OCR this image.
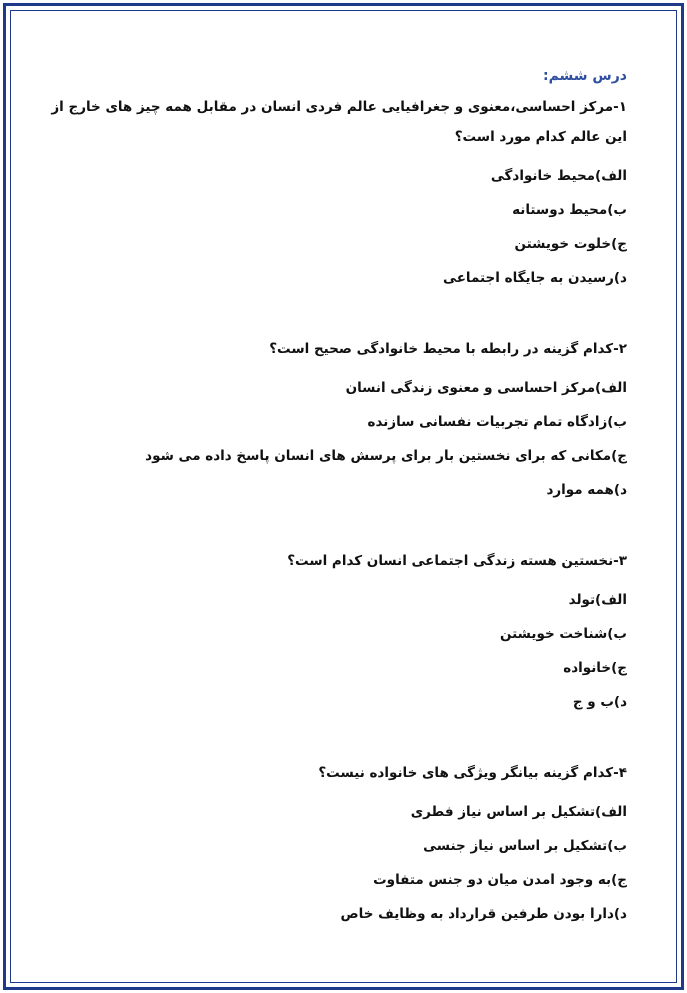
درس ششم:

۱-مرکز احساسی،معنوی و جغرافیایی عالم فردی انسان در مقابل همه چیز های خارج از این عالم کدام مورد است؟

الف)محیط خانوادگی

ب)محیط دوستانه

ج)خلوت خویشتن

د)رسیدن به جایگاه اجتماعی

۲-کدام گزینه در رابطه با محیط خانوادگی صحیح است؟

الف)مرکز احساسی و معنوی زندگی انسان

ب)زادگاه تمام تجربیات نفسانی سازنده

ج)مکانی که برای نخستین بار برای پرسش های انسان پاسخ داده می شود

د)همه موارد

۳-نخستین هسته زندگی اجتماعی انسان کدام است؟

الف)تولد

ب)شناخت خویشتن

ج)خانواده

د)ب و ج

۴-کدام گزینه بیانگر ویژگی های خانواده نیست؟

الف)تشکیل بر اساس نیاز فطری

ب)تشکیل بر اساس نیاز جنسی

ج)به وجود امدن میان دو جنس متفاوت

د)دارا بودن طرفین قرارداد به وظایف خاص
